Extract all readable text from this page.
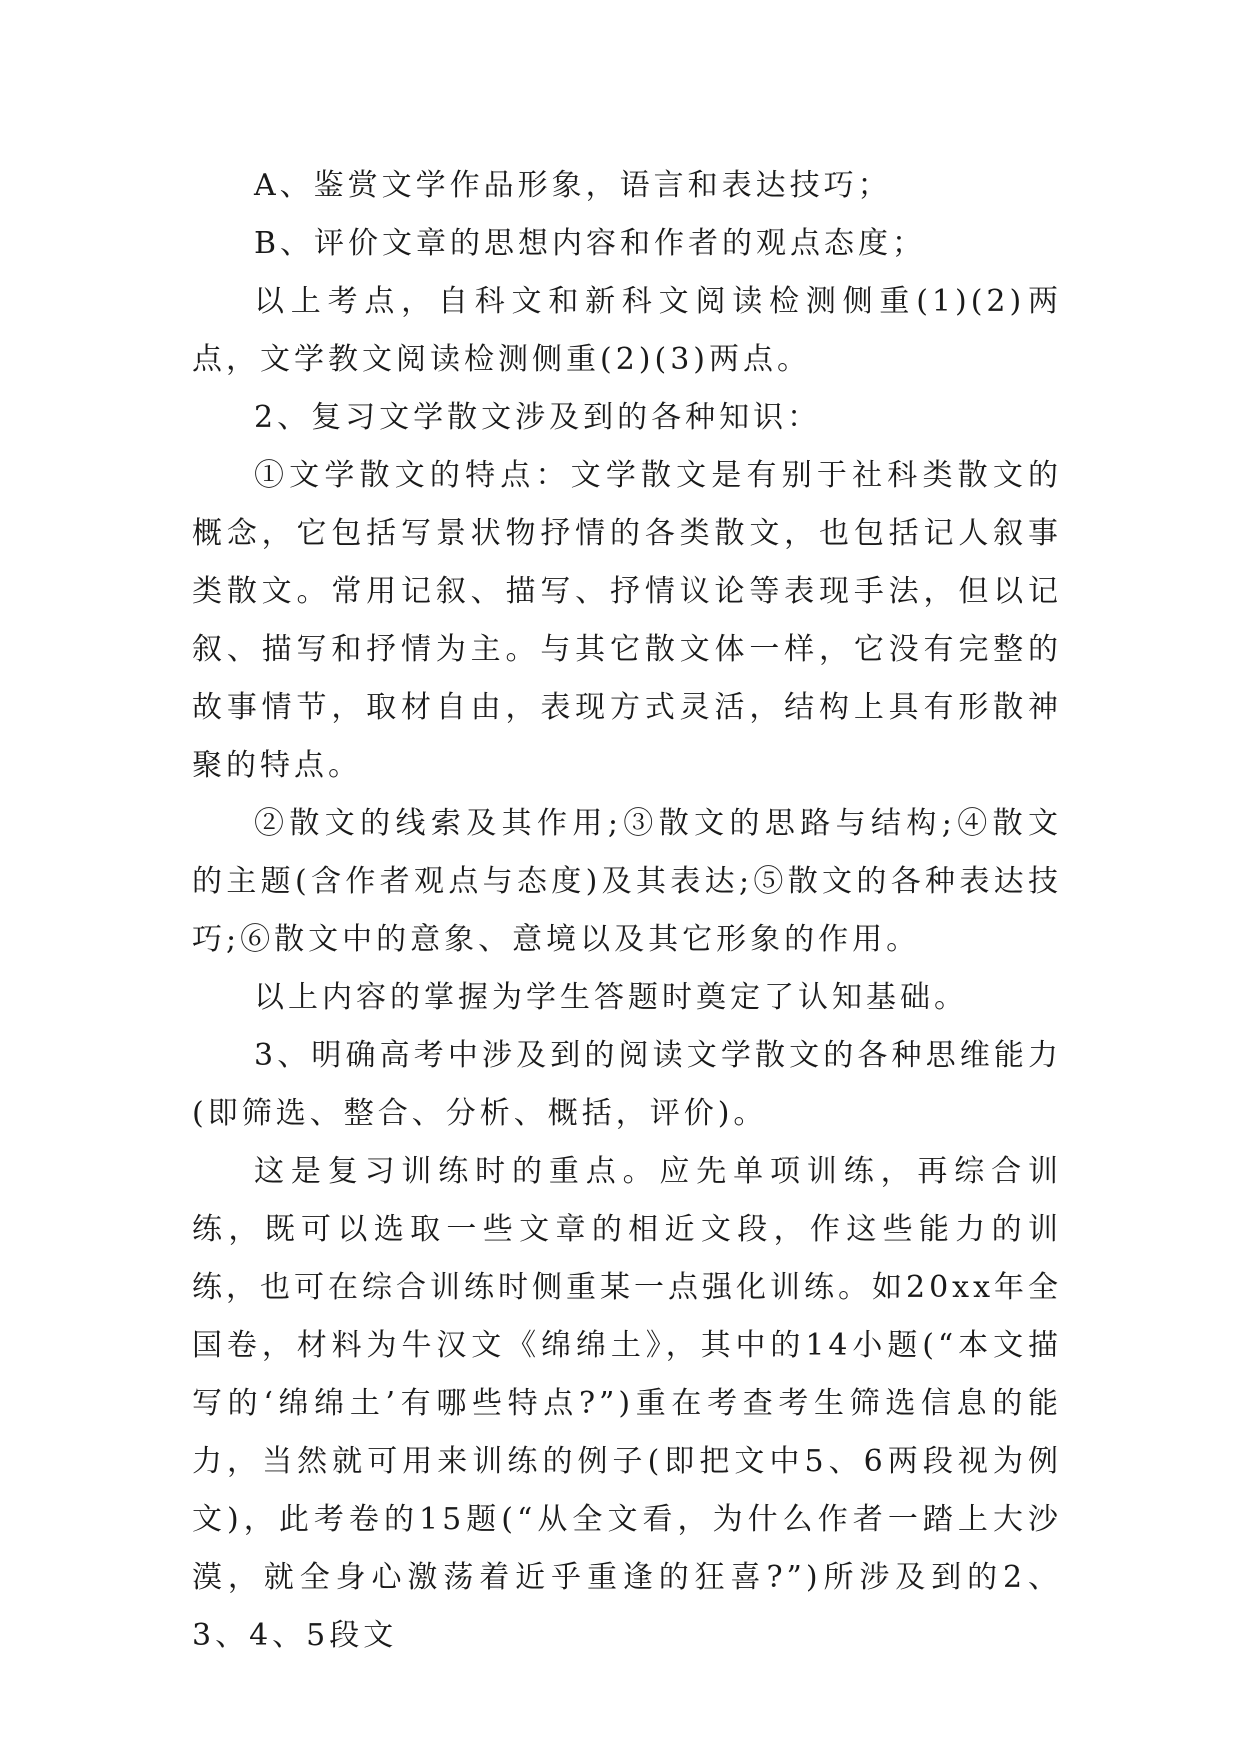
A、鉴赏文学作品形象，语言和表达技巧；

B、评价文章的思想内容和作者的观点态度；

以上考点，自科文和新科文阅读检测侧重(1)(2)两点，文学教文阅读检测侧重(2)(3)两点。

2、复习文学散文涉及到的各种知识：

①文学散文的特点：文学散文是有别于社科类散文的概念，它包括写景状物抒情的各类散文，也包括记人叙事类散文。常用记叙、描写、抒情议论等表现手法，但以记叙、描写和抒情为主。与其它散文体一样，它没有完整的故事情节，取材自由，表现方式灵活，结构上具有形散神聚的特点。

②散文的线索及其作用;③散文的思路与结构;④散文的主题(含作者观点与态度)及其表达;⑤散文的各种表达技巧;⑥散文中的意象、意境以及其它形象的作用。

以上内容的掌握为学生答题时奠定了认知基础。

3、明确高考中涉及到的阅读文学散文的各种思维能力(即筛选、整合、分析、概括，评价)。

这是复习训练时的重点。应先单项训练，再综合训练，既可以选取一些文章的相近文段，作这些能力的训练，也可在综合训练时侧重某一点强化训练。如20xx年全国卷，材料为牛汉文《绵绵土》，其中的14小题(“本文描写的‘绵绵土’有哪些特点?”)重在考查考生筛选信息的能力，当然就可用来训练的例子(即把文中5、6两段视为例文)，此考卷的15题(“从全文看，为什么作者一踏上大沙漠，就全身心激荡着近乎重逢的狂喜?”)所涉及到的2、3、4、5段文
